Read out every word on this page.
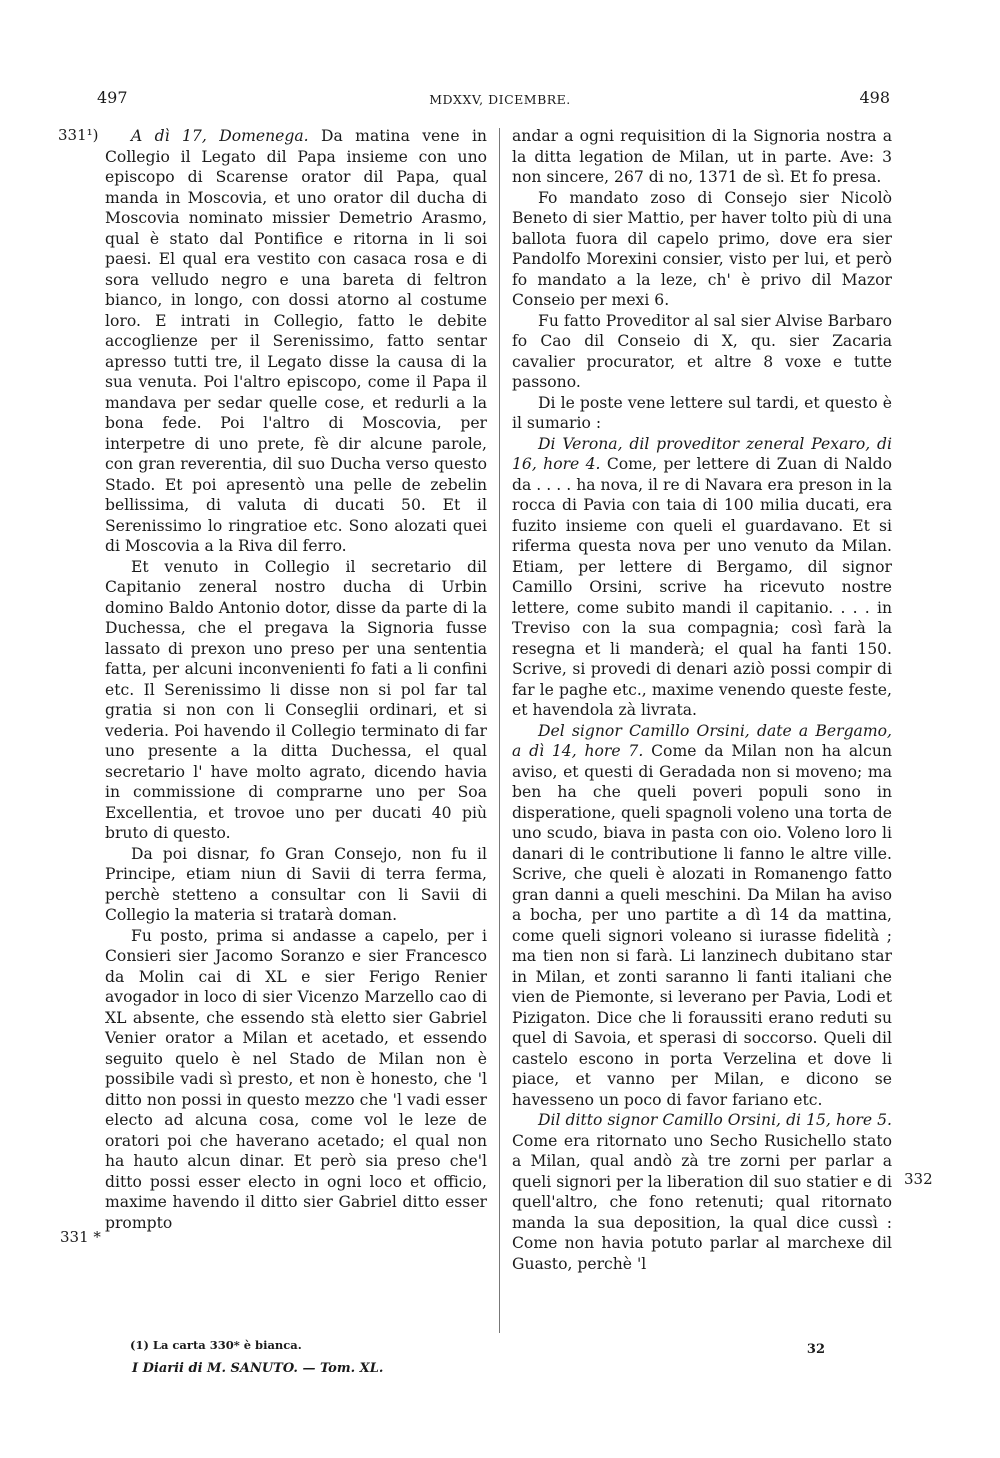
497	MDXXV, DICEMBRE.	498
331¹)
331 *
332

A dì 17, Domenega. Da matina vene in Collegio il Legato dil Papa insieme con uno episcopo di Scarense orator dil Papa, qual manda in Moscovia, et uno orator dil ducha di Moscovia nominato missier Demetrio Arasmo, qual è stato dal Pontifice e ritorna in li soi paesi. El qual era vestito con casaca rosa e di sora velludo negro e una bareta di feltron bianco, in longo, con dossi atorno al costume loro. E intrati in Collegio, fatto le debite accoglienze per il Serenissimo, fatto sentar apresso tutti tre, il Legato disse la causa di la sua venuta. Poi l'altro episcopo, come il Papa il mandava per sedar quelle cose, et redurli a la bona fede. Poi l'altro di Moscovia, per interpetre di uno prete, fè dir alcune parole, con gran reverentia, dil suo Ducha verso questo Stado. Et poi apresentò una pelle de zebelin bellissima, di valuta di ducati 50. Et il Serenissimo lo ringratioe etc. Sono alozati quei di Moscovia a la Riva dil ferro.

Et venuto in Collegio il secretario dil Capitanio zeneral nostro ducha di Urbin domino Baldo Antonio dotor, disse da parte di la Duchessa, che el pregava la Signoria fusse lassato di prexon uno preso per una sententia fatta, per alcuni inconvenienti fo fati a li confini etc. Il Serenissimo li disse non si pol far tal gratia si non con li Conseglii ordinari, et si vederia. Poi havendo il Collegio terminato di far uno presente a la ditta Duchessa, el qual secretario l' have molto agrato, dicendo havia in commissione di comprarne uno per Soa Excellentia, et trovoe uno per ducati 40 più bruto di questo.

Da poi disnar, fo Gran Consejo, non fu il Principe, etiam niun di Savii di terra ferma, perchè stetteno a consultar con li Savii di Collegio la materia si tratarà doman.

Fu posto, prima si andasse a capelo, per i Consieri sier Jacomo Soranzo e sier Francesco da Molin cai di XL e sier Ferigo Renier avogador in loco di sier Vicenzo Marzello cao di XL absente, che essendo stà eletto sier Gabriel Venier orator a Milan et acetado, et essendo seguito quelo è nel Stado de Milan non è possibile vadi sì presto, et non è honesto, che 'l ditto non possi in questo mezzo che 'l vadi esser electo ad alcuna cosa, come vol le leze de oratori poi che haverano acetado; el qual non ha hauto alcun dinar. Et però sia preso che'l ditto possi esser electo in ogni loco et officio, maxime havendo il ditto sier Gabriel ditto esser prompto

andar a ogni requisition di la Signoria nostra a la ditta legation de Milan, ut in parte. Ave: 3 non sincere, 267 di no, 1371 de sì. Et fo presa.

Fo mandato zoso di Consejo sier Nicolò Beneto di sier Mattio, per haver tolto più di una ballota fuora dil capelo primo, dove era sier Pandolfo Morexini consier, visto per lui, et però fo mandato a la leze, ch' è privo dil Mazor Conseio per mexi 6.

Fu fatto Proveditor al sal sier Alvise Barbaro fo Cao dil Conseio di X, qu. sier Zacaria cavalier procurator, et altre 8 voxe e tutte passono.

Di le poste vene lettere sul tardi, et questo è il sumario :

Di Verona, dil proveditor zeneral Pexaro, di 16, hore 4. Come, per lettere di Zuan di Naldo da . . . . ha nova, il re di Navara era preson in la rocca di Pavia con taia di 100 milia ducati, era fuzito insieme con queli el guardavano. Et si riferma questa nova per uno venuto da Milan. Etiam, per lettere di Bergamo, dil signor Camillo Orsini, scrive ha ricevuto nostre lettere, come subito mandi il capitanio. . . . in Treviso con la sua compagnia; così farà la resegna et li manderà; el qual ha fanti 150. Scrive, si provedi di denari aziò possi compir di far le paghe etc., maxime venendo queste feste, et havendola zà livrata.

Del signor Camillo Orsini, date a Bergamo, a dì 14, hore 7. Come da Milan non ha alcun aviso, et questi di Geradada non si moveno; ma ben ha che queli poveri populi sono in disperatione, queli spagnoli voleno una torta de uno scudo, biava in pasta con oio. Voleno loro li danari di le contributione li fanno le altre ville. Scrive, che queli è alozati in Romanengo fatto gran danni a queli meschini. Da Milan ha aviso a bocha, per uno partite a dì 14 da mattina, come queli signori voleano si iurasse fidelità ; ma tien non si farà. Li lanzinech dubitano star in Milan, et zonti saranno li fanti italiani che vien de Piemonte, si leverano per Pavia, Lodi et Pizigaton. Dice che li foraussiti erano reduti su quel di Savoia, et sperasi di soccorso. Queli dil castelo escono in porta Verzelina et dove li piace, et vanno per Milan, e dicono se havesseno un poco di favor fariano etc.

Dil ditto signor Camillo Orsini, di 15, hore 5. Come era ritornato uno Secho Rusichello stato a Milan, qual andò zà tre zorni per parlar a queli signori per la liberation dil suo statier e di quell'altro, che fono retenuti; qual ritornato manda la sua deposition, la qual dice cussì : Come non havia potuto parlar al marchexe dil Guasto, perchè 'l

(1) La carta 330* è bianca.	32
I Diarii di M. SANUTO. — Tom. XL.
